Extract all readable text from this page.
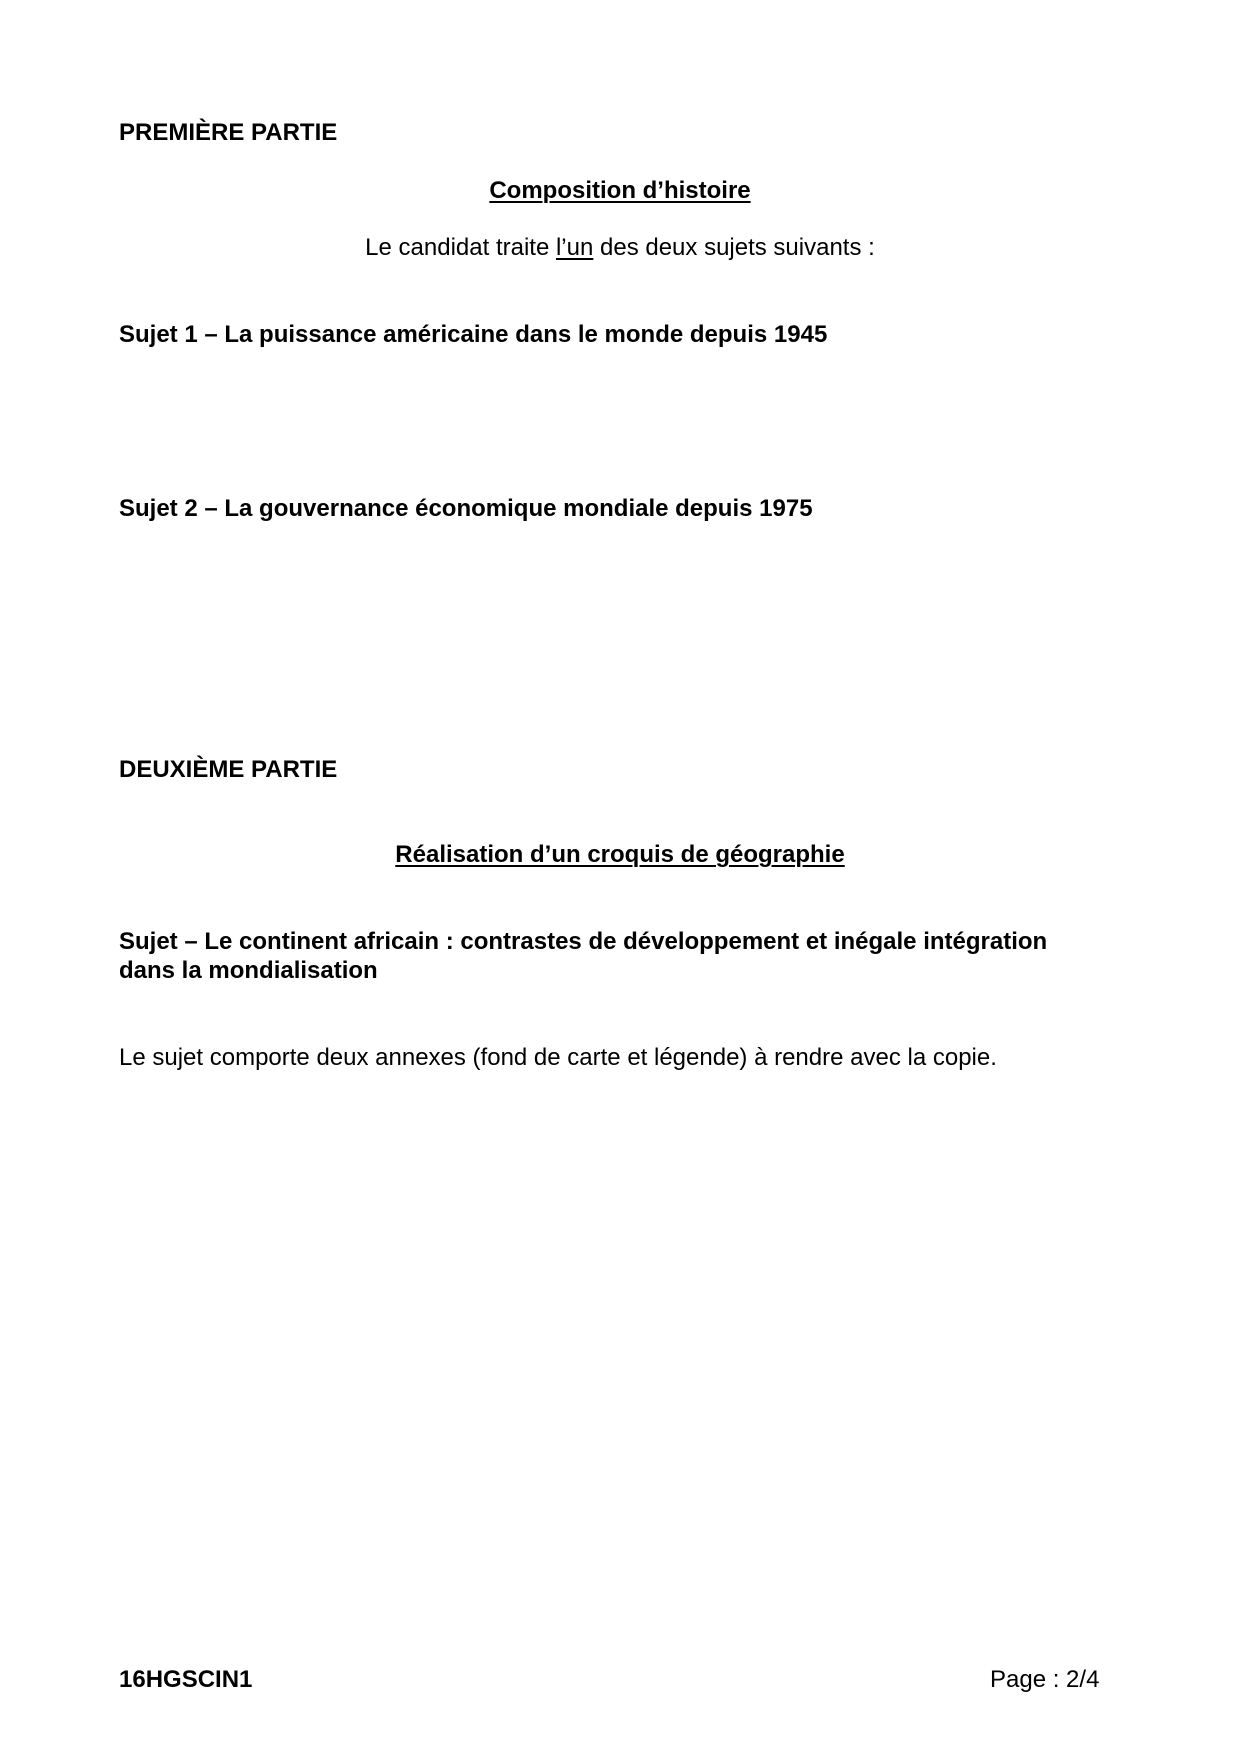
PREMIÈRE PARTIE

Composition d’histoire

Le candidat traite l’un des deux sujets suivants :

Sujet 1 – La puissance américaine dans le monde depuis 1945

Sujet 2 – La gouvernance économique mondiale depuis 1975

DEUXIÈME PARTIE

Réalisation d’un croquis de géographie

Sujet – Le continent africain : contrastes de développement et inégale intégration

dans la mondialisation

Le sujet comporte deux annexes (fond de carte et légende) à rendre avec la copie.

16HGSCIN1	Page : 2/4
